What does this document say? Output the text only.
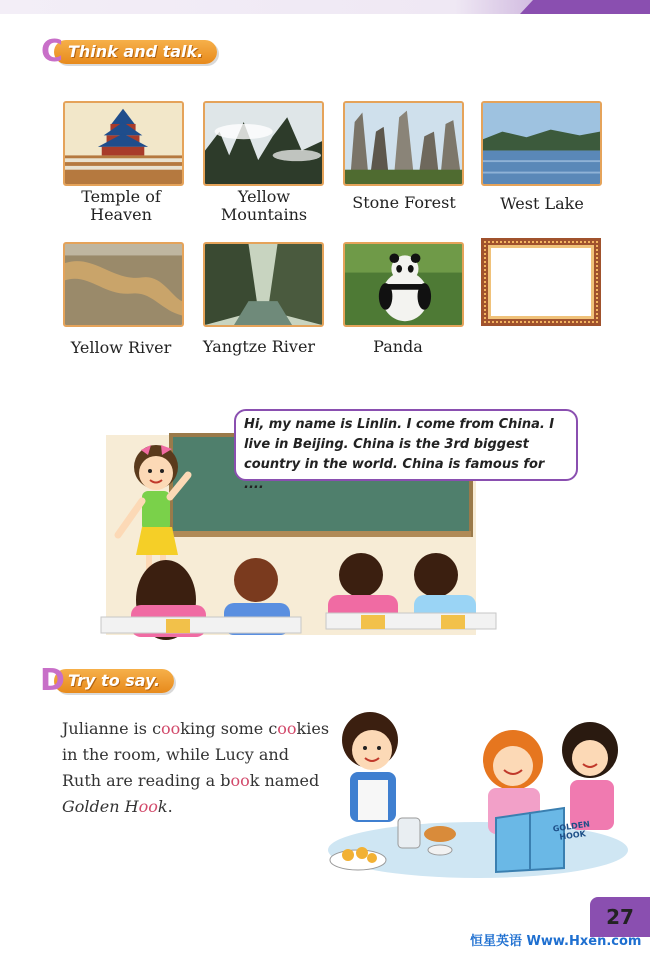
C Think and talk.
Temple of Heaven
Yellow Mountains
Stone Forest	West Lake
Yellow River	Yangtze River	Panda
Hi, my name is Linlin. I come from China. I live in Beijing. China is the 3rd biggest country in the world. China is famous for ....
D Try to say.
Julianne is cooking some cookies in the room, while Lucy and Ruth are reading a book named Golden Hook.
GOLDEN HOOK
27
恒星英语 Www.Hxen.com
